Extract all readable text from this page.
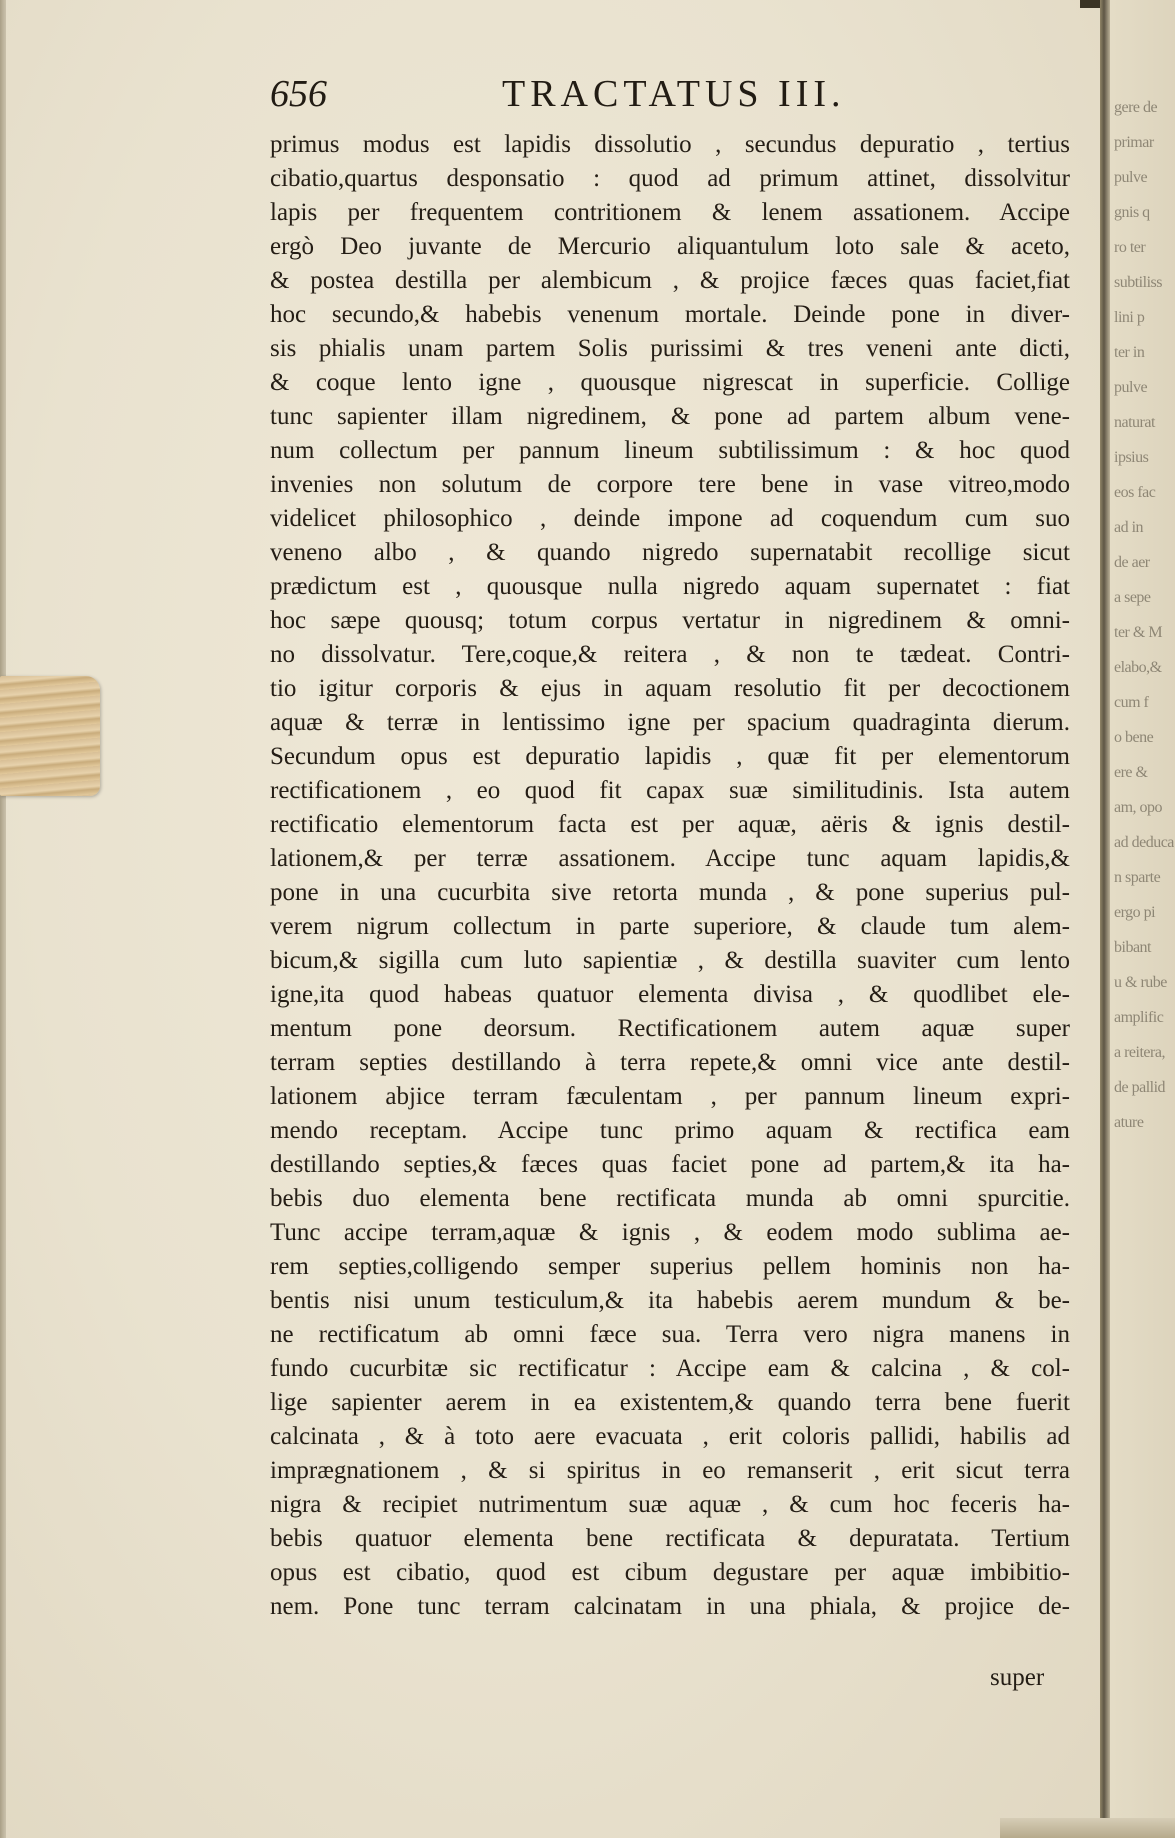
gere de
primar
pulve
gnis q
ro ter
subtiliss
lini p
ter in
pulve
naturat
ipsius
eos fac
ad in
de aer
a sepe
ter & M
elabo,&
cum f
o bene
ere &
am, opo
ad deduca
n sparte
ergo pi
bibant
u & rube
amplific
a reitera,
de pallid
ature
656	TRACTATUS III.
primus modus est lapidis dissolutio , secundus depuratio , tertius
cibatio,quartus desponsatio : quod ad primum attinet, dissolvitur
lapis per frequentem contritionem & lenem assationem. Accipe
ergò Deo juvante de Mercurio aliquantulum loto sale & aceto,
& postea destilla per alembicum , & projice fæces quas faciet,fiat
hoc secundo,& habebis venenum mortale. Deinde pone in diver-
sis phialis unam partem Solis purissimi & tres veneni ante dicti,
& coque lento igne , quousque nigrescat in superficie. Collige
tunc sapienter illam nigredinem, & pone ad partem album vene-
num collectum per pannum lineum subtilissimum : & hoc quod
invenies non solutum de corpore tere bene in vase vitreo,modo
videlicet philosophico , deinde impone ad coquendum cum suo
veneno albo , & quando nigredo supernatabit recollige sicut
prædictum est , quousque nulla nigredo aquam supernatet : fiat
hoc sæpe quousq; totum corpus vertatur in nigredinem & omni-
no dissolvatur. Tere,coque,& reitera , & non te tædeat. Contri-
tio igitur corporis & ejus in aquam resolutio fit per decoctionem
aquæ & terræ in lentissimo igne per spacium quadraginta dierum.
Secundum opus est depuratio lapidis , quæ fit per elementorum
rectificationem , eo quod fit capax suæ similitudinis. Ista autem
rectificatio elementorum facta est per aquæ, aëris & ignis destil-
lationem,& per terræ assationem. Accipe tunc aquam lapidis,&
pone in una cucurbita sive retorta munda , & pone superius pul-
verem nigrum collectum in parte superiore, & claude tum alem-
bicum,& sigilla cum luto sapientiæ , & destilla suaviter cum lento
igne,ita quod habeas quatuor elementa divisa , & quodlibet ele-
mentum pone deorsum. Rectificationem autem aquæ super
terram septies destillando à terra repete,& omni vice ante destil-
lationem abjice terram fæculentam , per pannum lineum expri-
mendo receptam. Accipe tunc primo aquam & rectifica eam
destillando septies,& fæces quas faciet pone ad partem,& ita ha-
bebis duo elementa bene rectificata munda ab omni spurcitie.
Tunc accipe terram,aquæ & ignis , & eodem modo sublima ae-
rem septies,colligendo semper superius pellem hominis non ha-
bentis nisi unum testiculum,& ita habebis aerem mundum & be-
ne rectificatum ab omni fæce sua. Terra vero nigra manens in
fundo cucurbitæ sic rectificatur : Accipe eam & calcina , & col-
lige sapienter aerem in ea existentem,& quando terra bene fuerit
calcinata , & à toto aere evacuata , erit coloris pallidi, habilis ad
imprægnationem , & si spiritus in eo remanserit , erit sicut terra
nigra & recipiet nutrimentum suæ aquæ , & cum hoc feceris ha-
bebis quatuor elementa bene rectificata & depuratata. Tertium
opus est cibatio, quod est cibum degustare per aquæ imbibitio-
nem. Pone tunc terram calcinatam in una phiala, & projice de-
super
